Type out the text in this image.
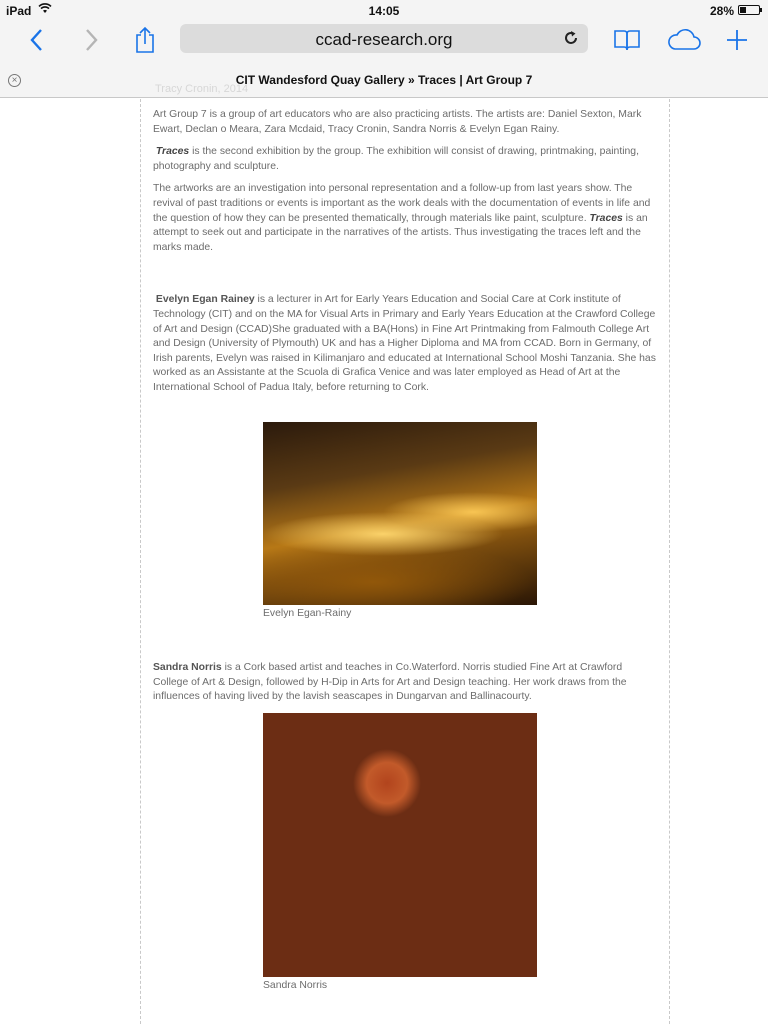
iPad	14:05	28%
ccad-research.org
×	CIT Wandesford Quay Gallery » Traces | Art Group 7
Tracy Cronin, 2014

Art Group 7 is a group of art educators who are also practicing artists. The artists are: Daniel Sexton, Mark Ewart, Declan o Meara, Zara Mcdaid, Tracy Cronin, Sandra Norris & Evelyn Egan Rainy.

Traces is the second exhibition by the group. The exhibition will consist of drawing, printmaking, painting, photography and sculpture.

The artworks are an investigation into personal representation and a follow-up from last years show. The revival of past traditions or events is important as the work deals with the documentation of events in life and the question of how they can be presented thematically, through materials like paint, sculpture. Traces is an attempt to seek out and participate in the narratives of the artists. Thus investigating the traces left and the marks made.

Evelyn Egan Rainey is a lecturer in Art for Early Years Education and Social Care at Cork institute of Technology (CIT) and on the MA for Visual Arts in Primary and Early Years Education at the Crawford College of Art and Design (CCAD)She graduated with a BA(Hons) in Fine Art Printmaking from Falmouth College Art and Design (University of Plymouth) UK and has a Higher Diploma and MA from CCAD. Born in Germany, of Irish parents, Evelyn was raised in Kilimanjaro and educated at International School Moshi Tanzania. She has worked as an Assistante at the Scuola di Grafica Venice and was later employed as Head of Art at the International School of Padua Italy, before returning to Cork.

Evelyn Egan-Rainy

Sandra Norris is a Cork based artist and teaches in Co.Waterford. Norris studied Fine Art at Crawford College of Art & Design, followed by H-Dip in Arts for Art and Design teaching. Her work draws from the influences of having lived by the lavish seascapes in Dungarvan and Ballinacourty.

Sandra Norris
